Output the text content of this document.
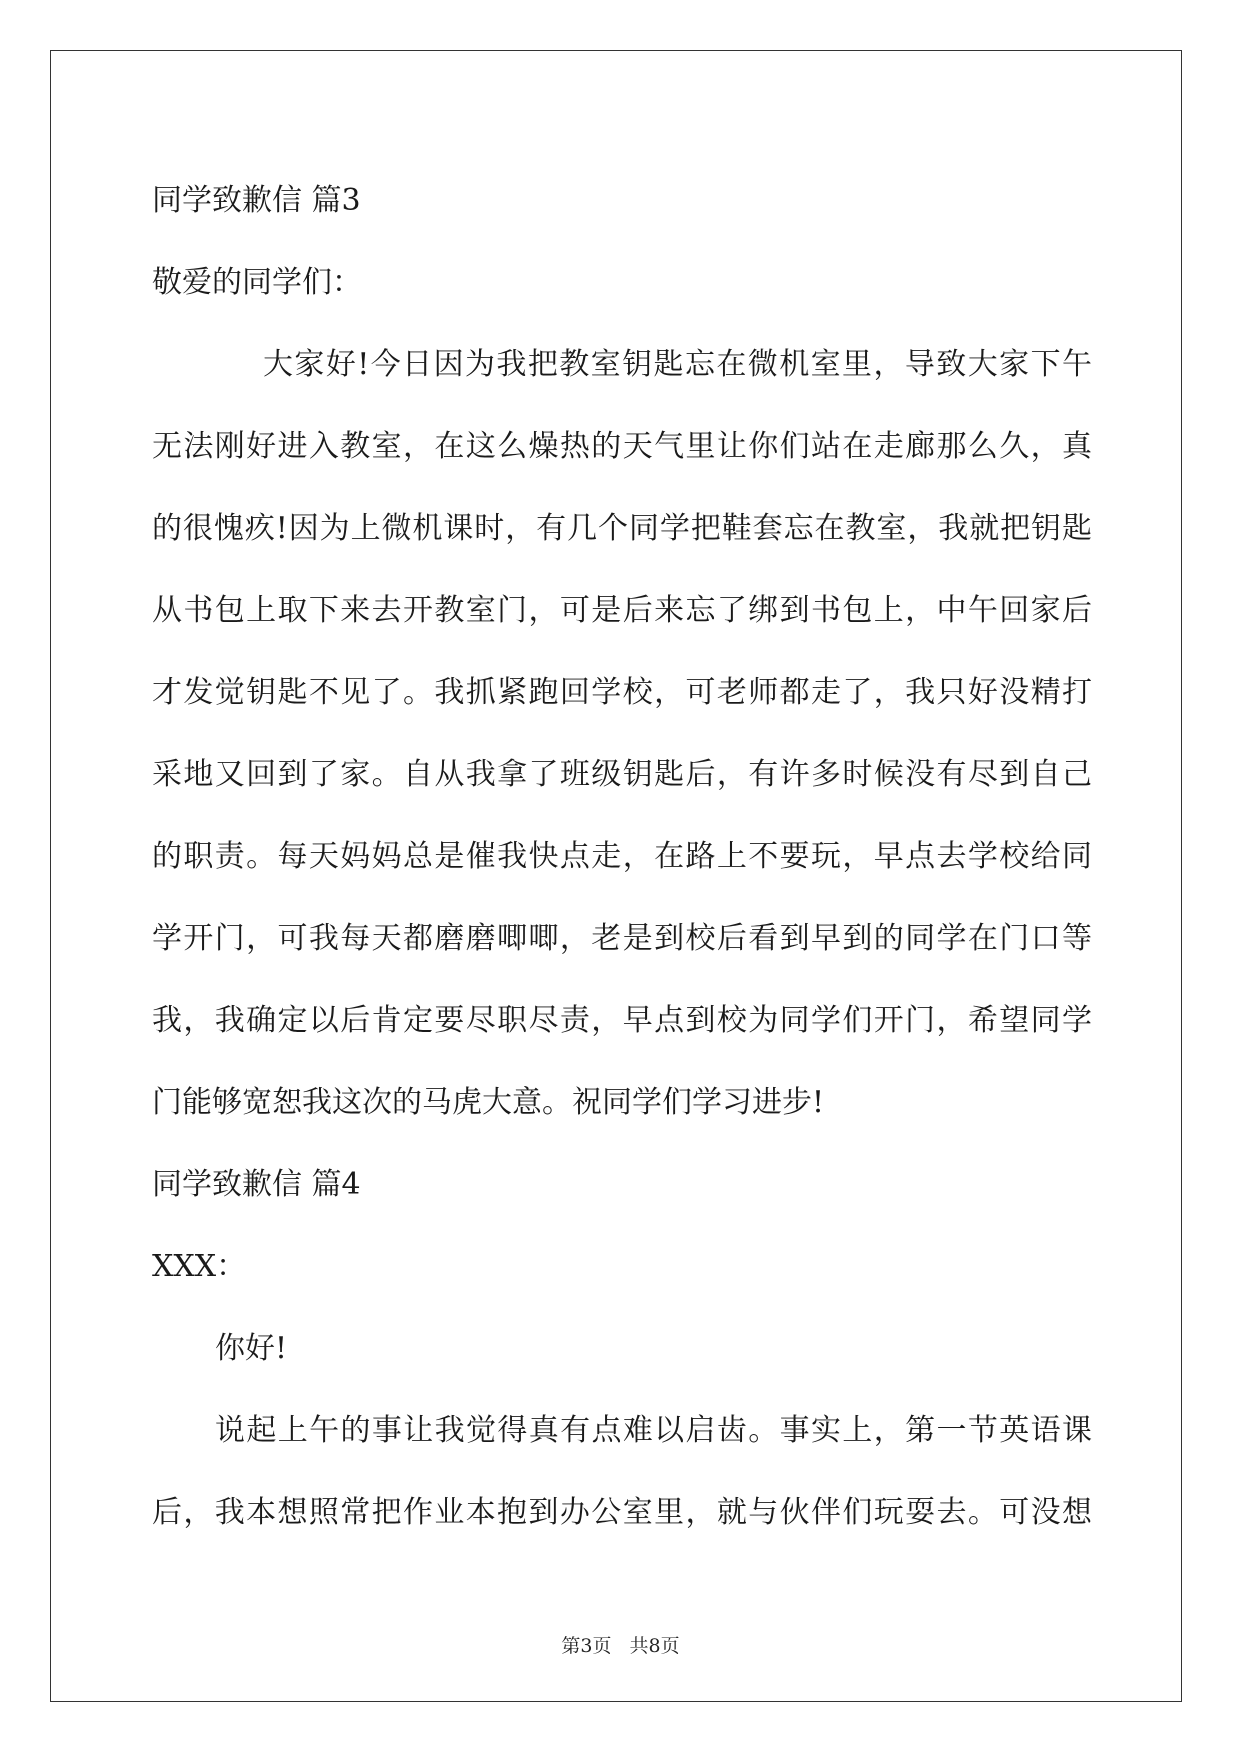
同学致歉信 篇3
敬爱的同学们：
大家好!今日因为我把教室钥匙忘在微机室里，导致大家下午
无法刚好进入教室，在这么燥热的天气里让你们站在走廊那么久，真
的很愧疚!因为上微机课时，有几个同学把鞋套忘在教室，我就把钥匙
从书包上取下来去开教室门，可是后来忘了绑到书包上，中午回家后
才发觉钥匙不见了。我抓紧跑回学校，可老师都走了，我只好没精打
采地又回到了家。自从我拿了班级钥匙后，有许多时候没有尽到自己
的职责。每天妈妈总是催我快点走，在路上不要玩，早点去学校给同
学开门，可我每天都磨磨唧唧，老是到校后看到早到的同学在门口等
我，我确定以后肯定要尽职尽责，早点到校为同学们开门，希望同学
门能够宽恕我这次的马虎大意。祝同学们学习进步!
同学致歉信 篇4
XXX：
你好!
说起上午的事让我觉得真有点难以启齿。事实上，第一节英语课
后，我本想照常把作业本抱到办公室里，就与伙伴们玩耍去。可没想
第3页 共8页
